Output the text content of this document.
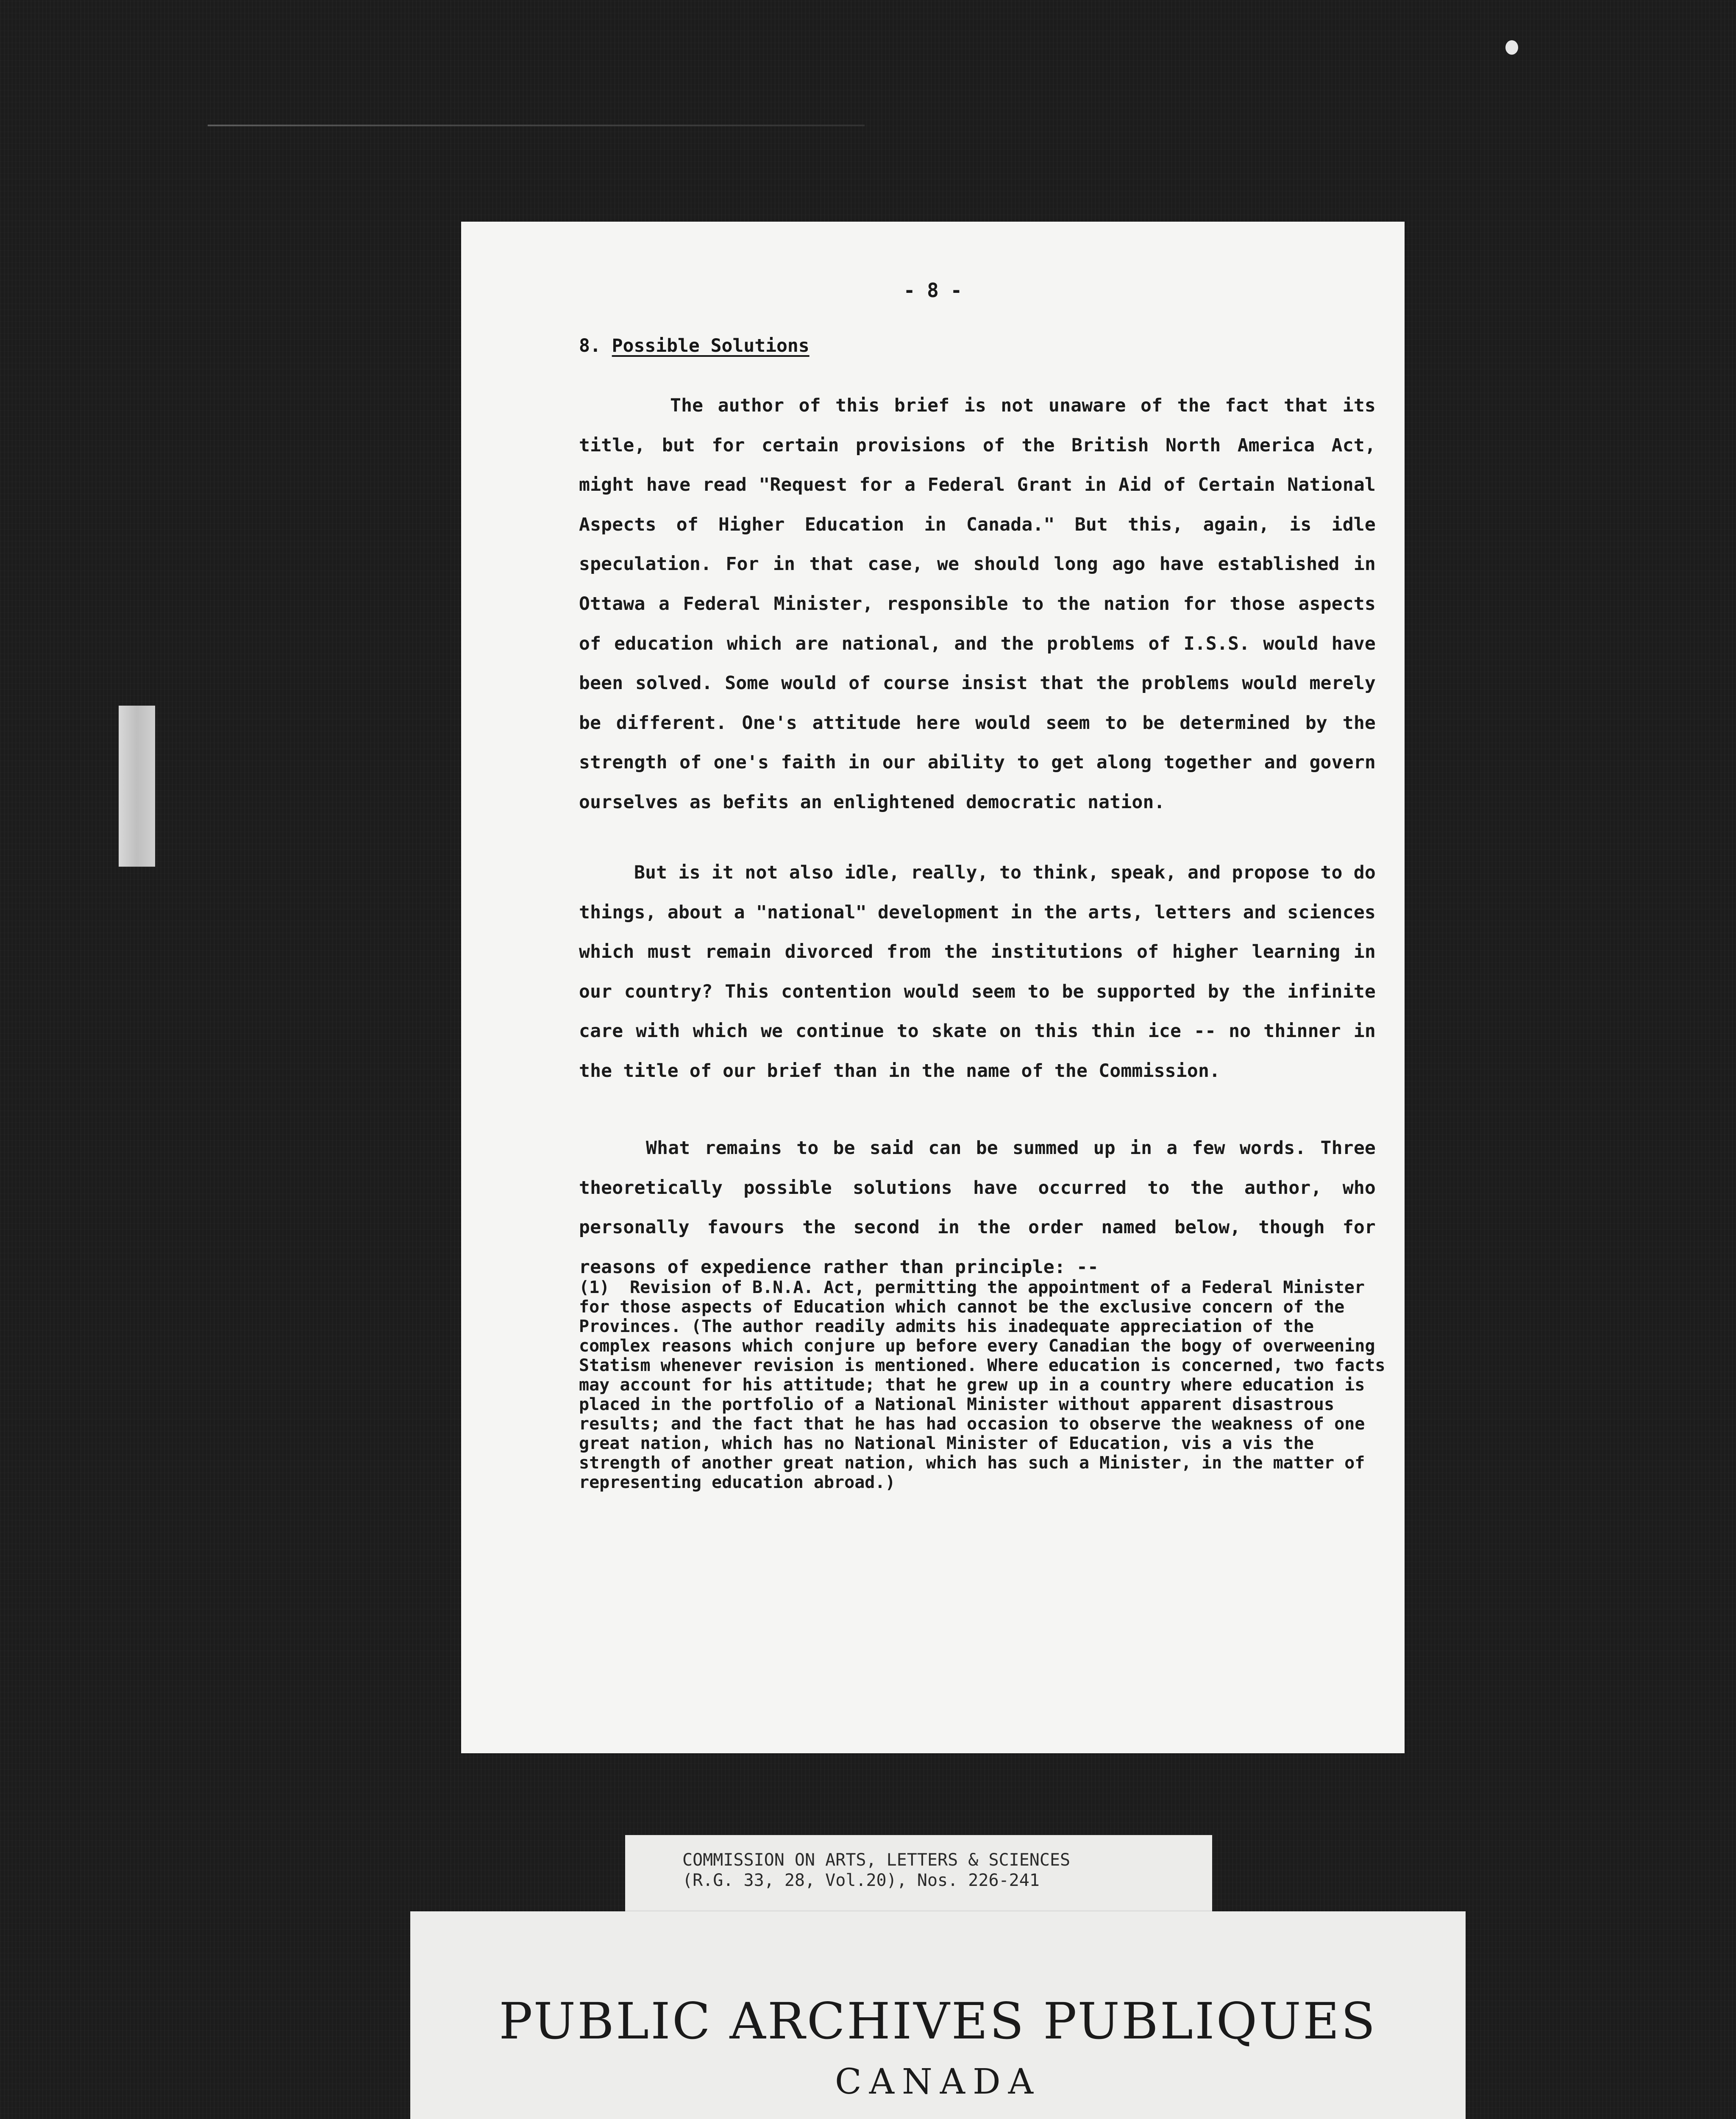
- 8 -

8. Possible Solutions

The author of this brief is not unaware of the fact that its title, but for certain provisions of the British North America Act, might have read "Request for a Federal Grant in Aid of Certain National Aspects of Higher Education in Canada." But this, again, is idle speculation. For in that case, we should long ago have established in Ottawa a Federal Minister, responsible to the nation for those aspects of education which are national, and the problems of I.S.S. would have been solved. Some would of course insist that the problems would merely be different. One's attitude here would seem to be determined by the strength of one's faith in our ability to get along together and govern ourselves as befits an enlightened democratic nation.

But is it not also idle, really, to think, speak, and propose to do things, about a "national" development in the arts, letters and sciences which must remain divorced from the institutions of higher learning in our country? This contention would seem to be supported by the infinite care with which we continue to skate on this thin ice -- no thinner in the title of our brief than in the name of the Commission.

What remains to be said can be summed up in a few words. Three theoretically possible solutions have occurred to the author, who personally favours the second in the order named below, though for reasons of expedience rather than principle: --

(1) Revision of B.N.A. Act, permitting the appointment of a Federal Minister for those aspects of Education which cannot be the exclusive concern of the Provinces. (The author readily admits his inadequate appreciation of the complex reasons which conjure up before every Canadian the bogy of overweening Statism whenever revision is mentioned. Where education is concerned, two facts may account for his attitude; that he grew up in a country where education is placed in the portfolio of a National Minister without apparent disastrous results; and the fact that he has had occasion to observe the weakness of one great nation, which has no National Minister of Education, vis a vis the strength of another great nation, which has such a Minister, in the matter of representing education abroad.)

COMMISSION ON ARTS, LETTERS & SCIENCES
(R.G. 33, 28, Vol.20), Nos. 226-241

PUBLIC ARCHIVES PUBLIQUES

CANADA
